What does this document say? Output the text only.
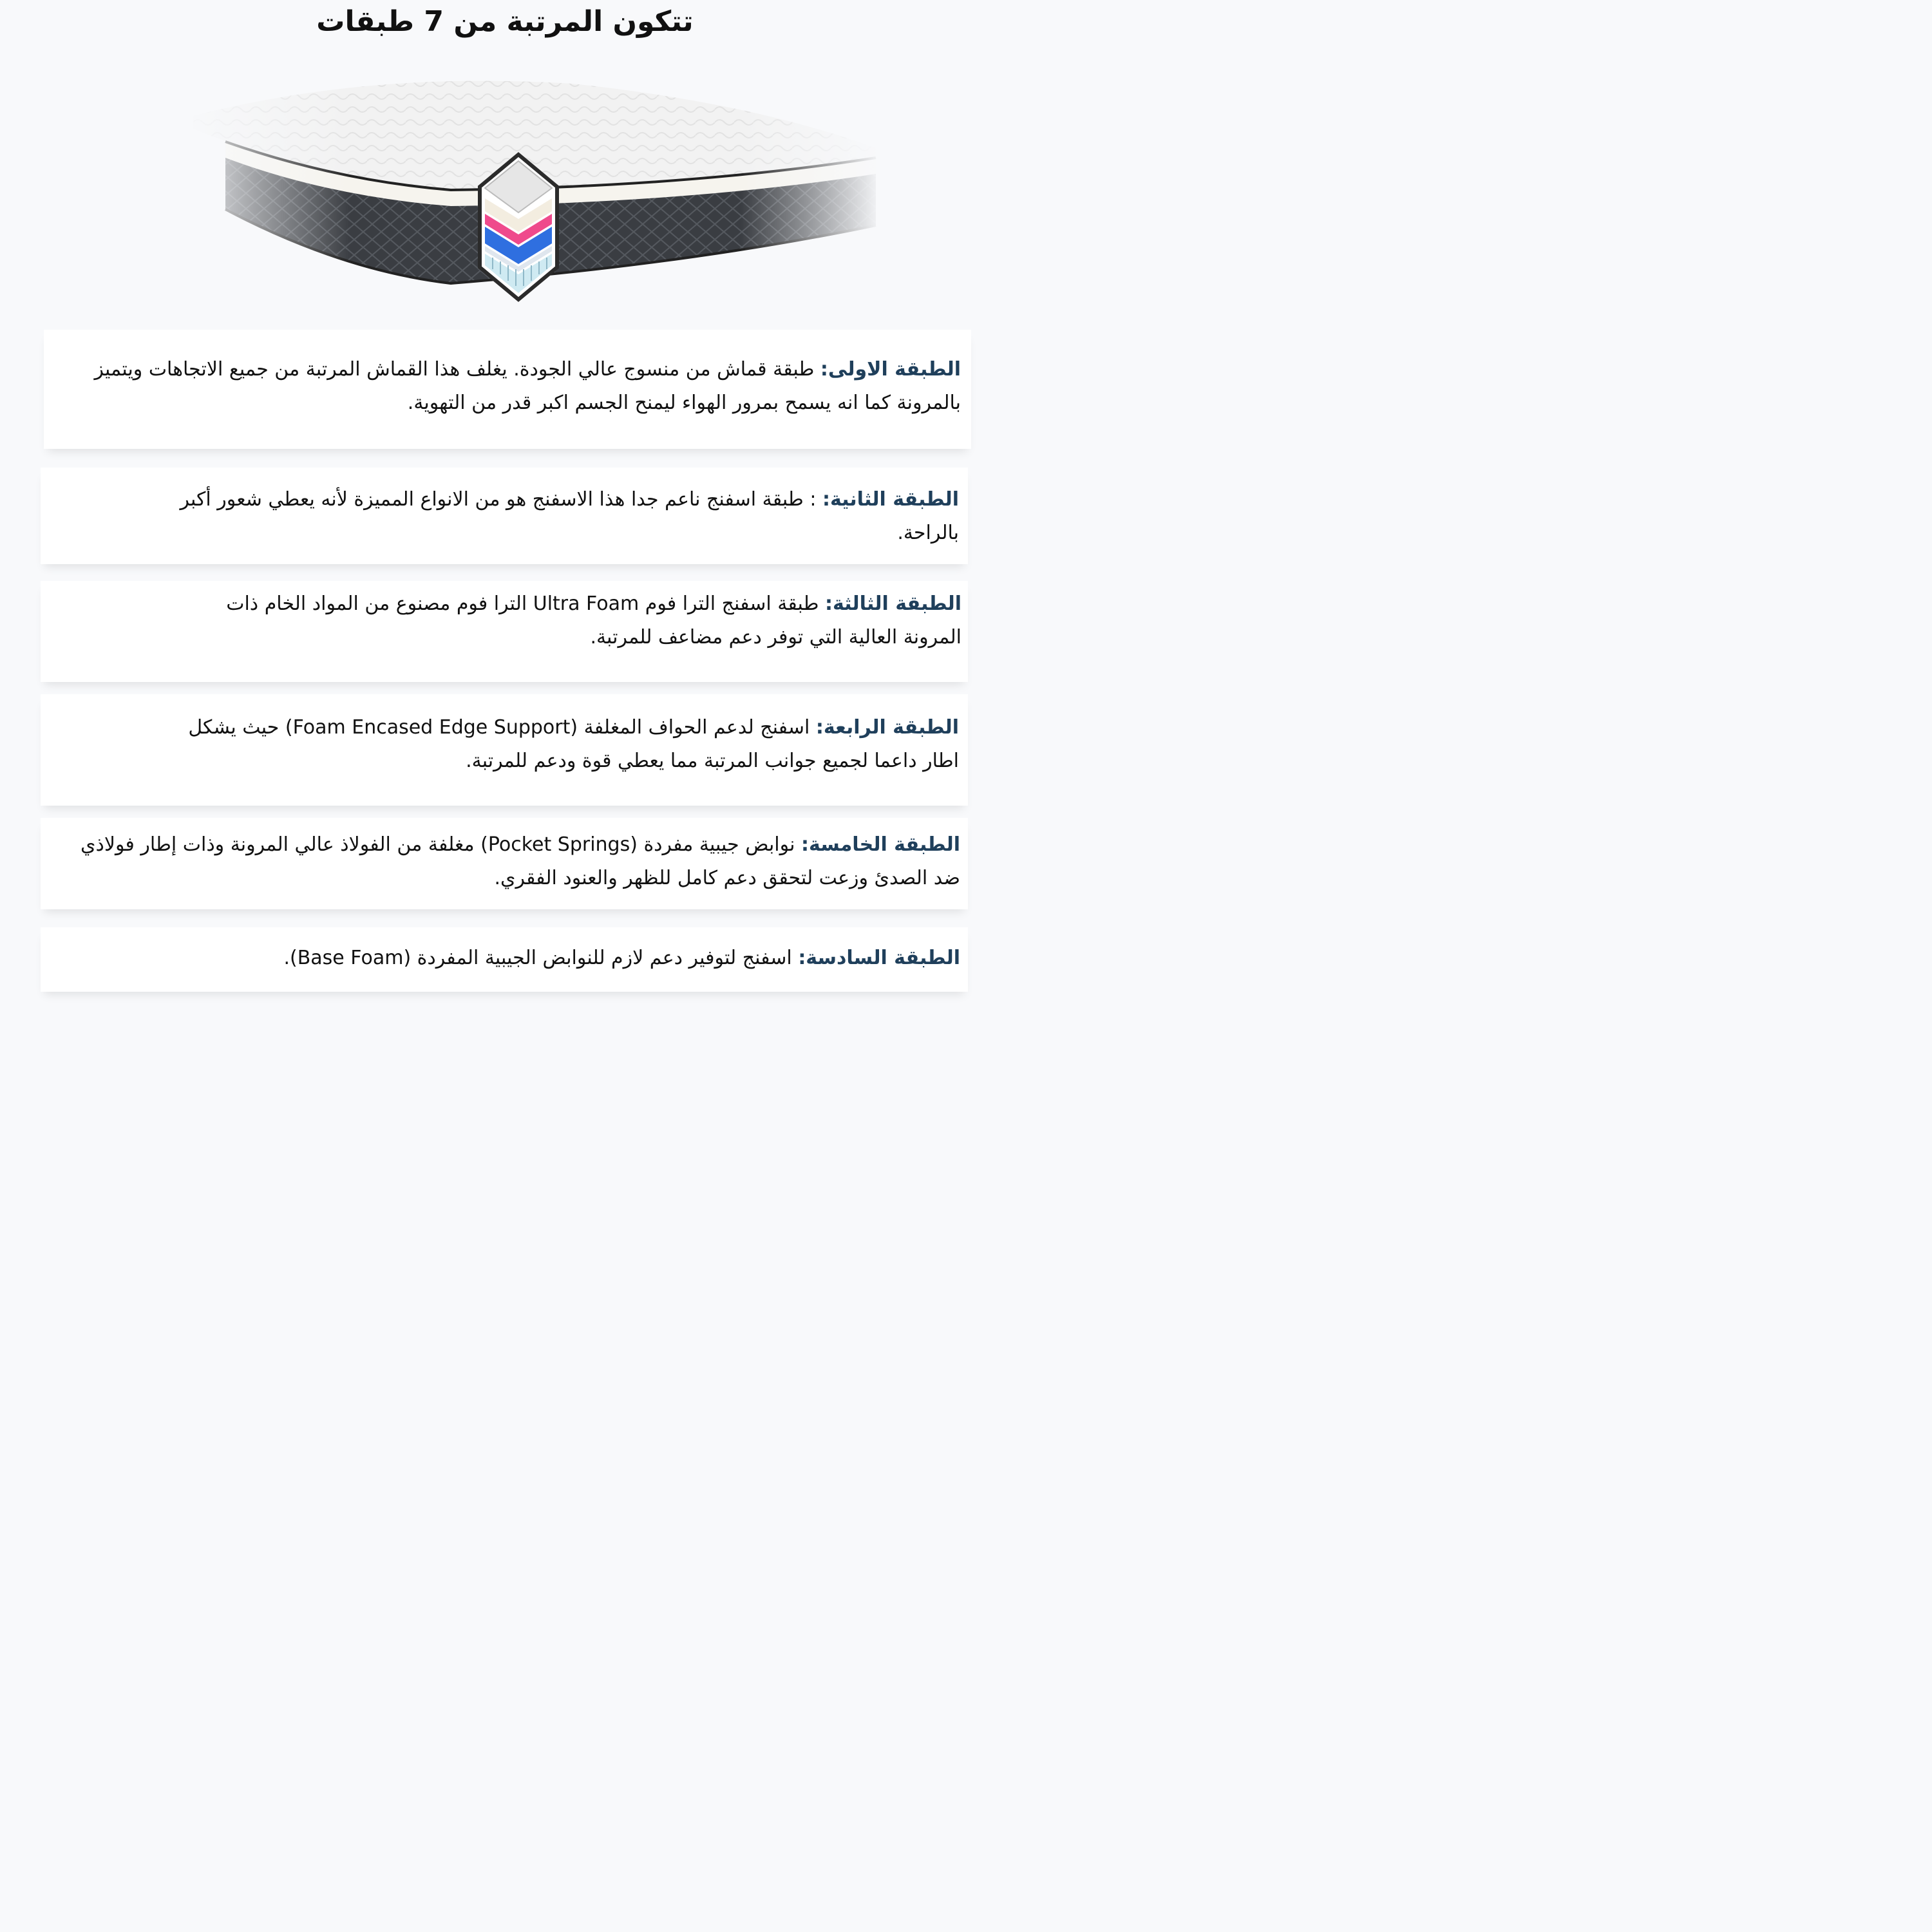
تتكون المرتبة من 7 طبقات

الطبقة الاولى: طبقة قماش من منسوج عالي الجودة. يغلف هذا القماش المرتبة من جميع الاتجاهات ويتميز بالمرونة كما انه يسمح بمرور الهواء ليمنح الجسم اكبر قدر من التهوية.

الطبقة الثانية: : طبقة اسفنج ناعم جدا هذا الاسفنج هو من الانواع المميزة لأنه يعطي شعور أكبر بالراحة.

الطبقة الثالثة: طبقة اسفنج الترا فوم Ultra Foam الترا فوم مصنوع من المواد الخام ذات المرونة العالية التي توفر دعم مضاعف للمرتبة.

الطبقة الرابعة: اسفنج لدعم الحواف المغلفة (Foam Encased Edge Support) حيث يشكل اطار داعما لجميع جوانب المرتبة مما يعطي قوة ودعم للمرتبة.

الطبقة الخامسة: نوابض جيبية مفردة (Pocket Springs) مغلفة من الفولاذ عالي المرونة وذات إطار فولاذي ضد الصدئ وزعت لتحقق دعم كامل للظهر والعنود الفقري.

الطبقة السادسة: اسفنج لتوفير دعم لازم للنوابض الجيبية المفردة (Base Foam).
